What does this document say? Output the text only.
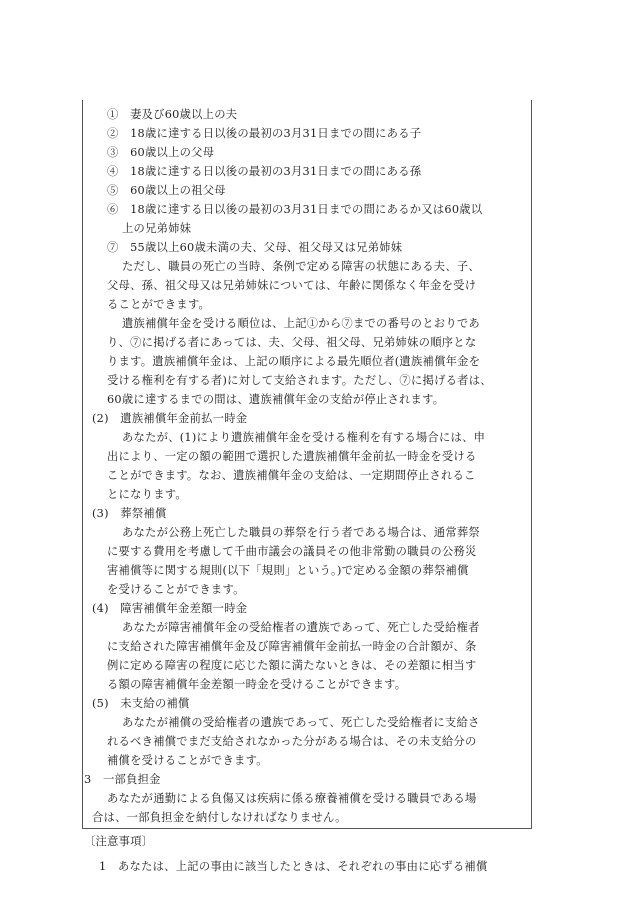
①　妻及び60歳以上の夫
②　18歳に達する日以後の最初の3月31日までの間にある子
③　60歳以上の父母
④　18歳に達する日以後の最初の3月31日までの間にある孫
⑤　60歳以上の祖父母
⑥　18歳に達する日以後の最初の3月31日までの間にあるか又は60歳以
上の兄弟姉妹
⑦　55歳以上60歳未満の夫、父母、祖父母又は兄弟姉妹
ただし、職員の死亡の当時、条例で定める障害の状態にある夫、子、
父母、孫、祖父母又は兄弟姉妹については、年齢に関係なく年金を受け
ることができます。
遺族補償年金を受ける順位は、上記①から⑦までの番号のとおりであ
り、⑦に掲げる者にあっては、夫、父母、祖父母、兄弟姉妹の順序とな
ります。遺族補償年金は、上記の順序による最先順位者(遺族補償年金を
受ける権利を有する者)に対して支給されます。ただし、⑦に掲げる者は、
60歳に達するまでの間は、遺族補償年金の支給が停止されます。
(2)　遺族補償年金前払一時金
あなたが、(1)により遺族補償年金を受ける権利を有する場合には、申
出により、一定の額の範囲で選択した遺族補償年金前払一時金を受ける
ことができます。なお、遺族補償年金の支給は、一定期間停止されるこ
とになります。
(3)　葬祭補償
あなたが公務上死亡した職員の葬祭を行う者である場合は、通常葬祭
に要する費用を考慮して千曲市議会の議員その他非常勤の職員の公務災
害補償等に関する規則(以下「規則」という。)で定める金額の葬祭補償
を受けることができます。
(4)　障害補償年金差額一時金
あなたが障害補償年金の受給権者の遺族であって、死亡した受給権者
に支給された障害補償年金及び障害補償年金前払一時金の合計額が、条
例に定める障害の程度に応じた額に満たないときは、その差額に相当す
る額の障害補償年金差額一時金を受けることができます。
(5)　未支給の補償
あなたが補償の受給権者の遺族であって、死亡した受給権者に支給さ
れるべき補償でまだ支給されなかった分がある場合は、その未支給分の
補償を受けることができます。
3　一部負担金
あなたが通勤による負傷又は疾病に係る療養補償を受ける職員である場
合は、一部負担金を納付しなければなりません。
〔注意事項〕
1　あなたは、上記の事由に該当したときは、それぞれの事由に応ずる補償
